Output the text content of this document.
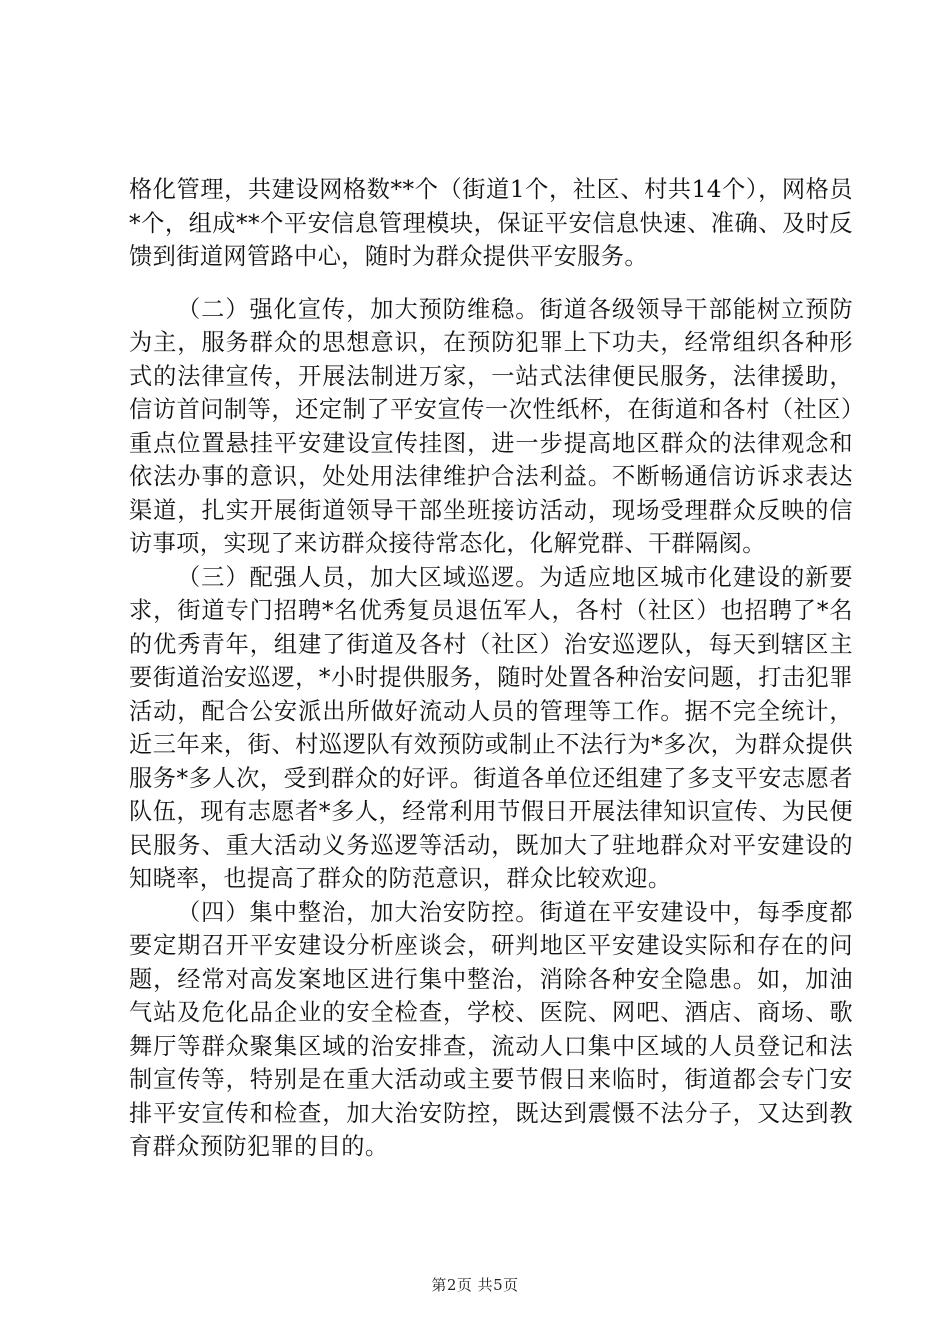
格化管理，共建设网格数**个（街道1个，社区、村共14个），网格员*个，组成**个平安信息管理模块，保证平安信息快速、准确、及时反馈到街道网管路中心，随时为群众提供平安服务。

（二）强化宣传，加大预防维稳。街道各级领导干部能树立预防为主，服务群众的思想意识，在预防犯罪上下功夫，经常组织各种形式的法律宣传，开展法制进万家，一站式法律便民服务，法律援助，信访首问制等，还定制了平安宣传一次性纸杯，在街道和各村（社区）重点位置悬挂平安建设宣传挂图，进一步提高地区群众的法律观念和依法办事的意识，处处用法律维护合法利益。不断畅通信访诉求表达渠道，扎实开展街道领导干部坐班接访活动，现场受理群众反映的信访事项，实现了来访群众接待常态化，化解党群、干群隔阂。

（三）配强人员，加大区域巡逻。为适应地区城市化建设的新要求，街道专门招聘*名优秀复员退伍军人，各村（社区）也招聘了*名的优秀青年，组建了街道及各村（社区）治安巡逻队，每天到辖区主要街道治安巡逻，*小时提供服务，随时处置各种治安问题，打击犯罪活动，配合公安派出所做好流动人员的管理等工作。据不完全统计，近三年来，街、村巡逻队有效预防或制止不法行为*多次，为群众提供服务*多人次，受到群众的好评。街道各单位还组建了多支平安志愿者队伍，现有志愿者*多人，经常利用节假日开展法律知识宣传、为民便民服务、重大活动义务巡逻等活动，既加大了驻地群众对平安建设的知晓率，也提高了群众的防范意识，群众比较欢迎。

（四）集中整治，加大治安防控。街道在平安建设中，每季度都要定期召开平安建设分析座谈会，研判地区平安建设实际和存在的问题，经常对高发案地区进行集中整治，消除各种安全隐患。如，加油气站及危化品企业的安全检查，学校、医院、网吧、酒店、商场、歌舞厅等群众聚集区域的治安排查，流动人口集中区域的人员登记和法制宣传等，特别是在重大活动或主要节假日来临时，街道都会专门安排平安宣传和检查，加大治安防控，既达到震慑不法分子，又达到教育群众预防犯罪的目的。

第2页 共5页
